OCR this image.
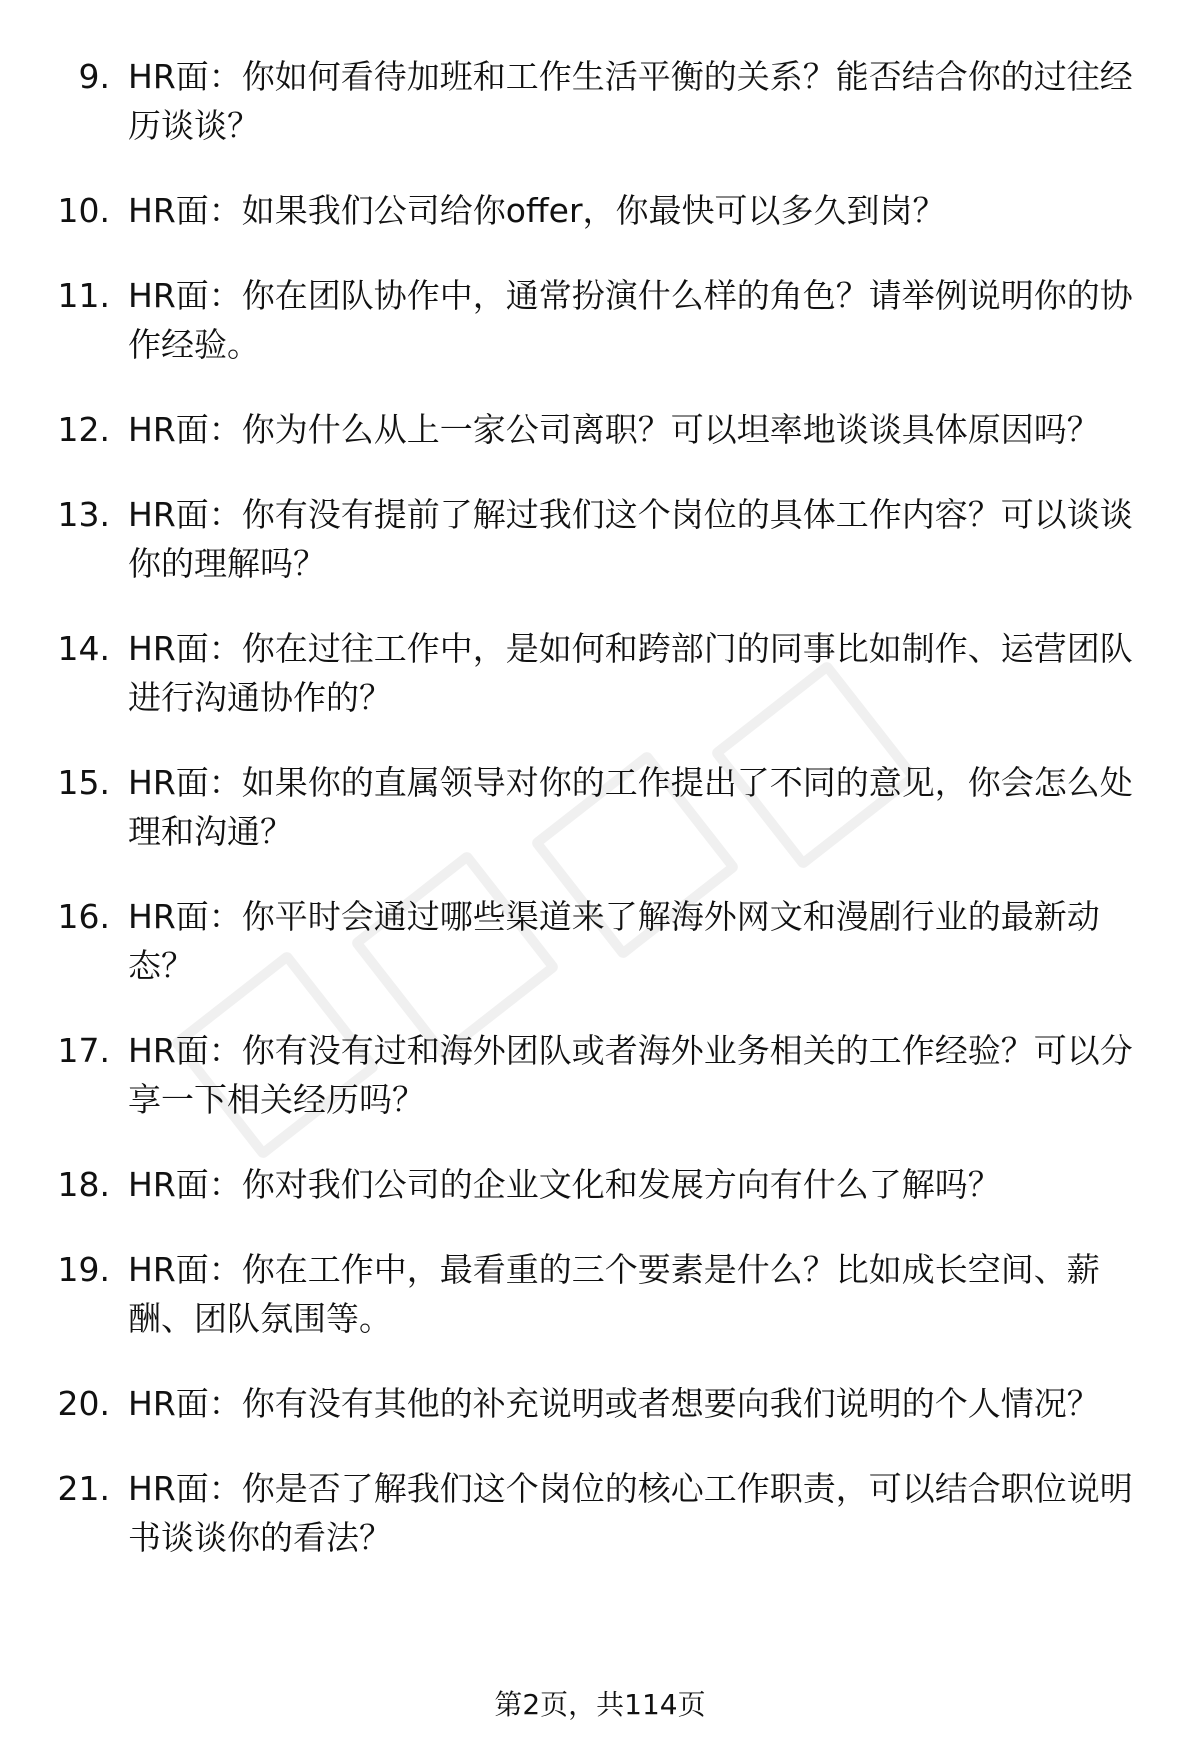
9. HR面：你如何看待加班和工作生活平衡的关系？能否结合你的过往经历谈谈？
10. HR面：如果我们公司给你offer，你最快可以多久到岗？
11. HR面：你在团队协作中，通常扮演什么样的角色？请举例说明你的协作经验。
12. HR面：你为什么从上一家公司离职？可以坦率地谈谈具体原因吗？
13. HR面：你有没有提前了解过我们这个岗位的具体工作内容？可以谈谈你的理解吗？
14. HR面：你在过往工作中，是如何和跨部门的同事比如制作、运营团队进行沟通协作的？
15. HR面：如果你的直属领导对你的工作提出了不同的意见，你会怎么处理和沟通？
16. HR面：你平时会通过哪些渠道来了解海外网文和漫剧行业的最新动态？
17. HR面：你有没有过和海外团队或者海外业务相关的工作经验？可以分享一下相关经历吗？
18. HR面：你对我们公司的企业文化和发展方向有什么了解吗？
19. HR面：你在工作中，最看重的三个要素是什么？比如成长空间、薪酬、团队氛围等。
20. HR面：你有没有其他的补充说明或者想要向我们说明的个人情况？
21. HR面：你是否了解我们这个岗位的核心工作职责，可以结合职位说明书谈谈你的看法？
第2页，共114页
